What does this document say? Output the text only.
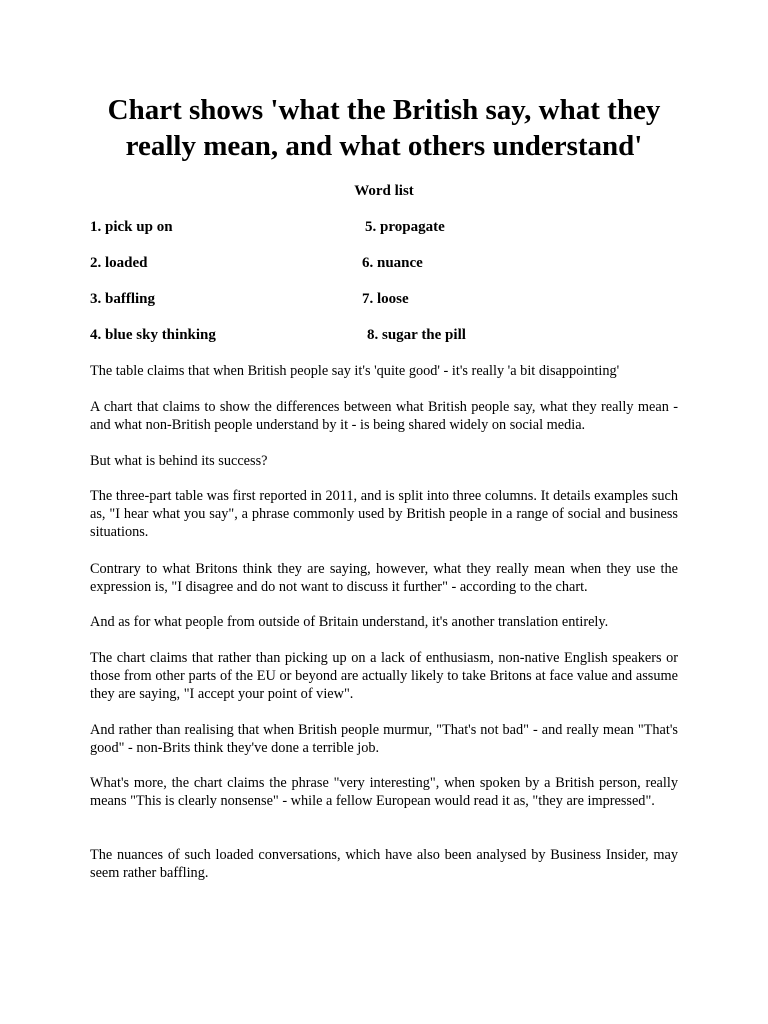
Chart shows 'what the British say, what they really mean, and what others understand'
Word list
1. pick up on
2. loaded
3. baffling
4. blue sky thinking
5. propagate
6. nuance
7. loose
8. sugar the pill

The table claims that when British people say it's 'quite good' - it's really 'a bit disappointing'

A chart that claims to show the differences between what British people say, what they really mean - and what non-British people understand by it - is being shared widely on social media.

But what is behind its success?

The three-part table was first reported in 2011, and is split into three columns. It details examples such as, "I hear what you say", a phrase commonly used by British people in a range of social and business situations.

Contrary to what Britons think they are saying, however, what they really mean when they use the expression is, "I disagree and do not want to discuss it further" - according to the chart.

And as for what people from outside of Britain understand, it's another translation entirely.

The chart claims that rather than picking up on a lack of enthusiasm, non-native English speakers or those from other parts of the EU or beyond are actually likely to take Britons at face value and assume they are saying, "I accept your point of view".

And rather than realising that when British people murmur, "That's not bad" - and really mean "That's good" - non-Brits think they've done a terrible job.

What's more, the chart claims the phrase "very interesting", when spoken by a British person, really means "This is clearly nonsense" - while a fellow European would read it as, "they are impressed".

The nuances of such loaded conversations, which have also been analysed by Business Insider, may seem rather baffling.
